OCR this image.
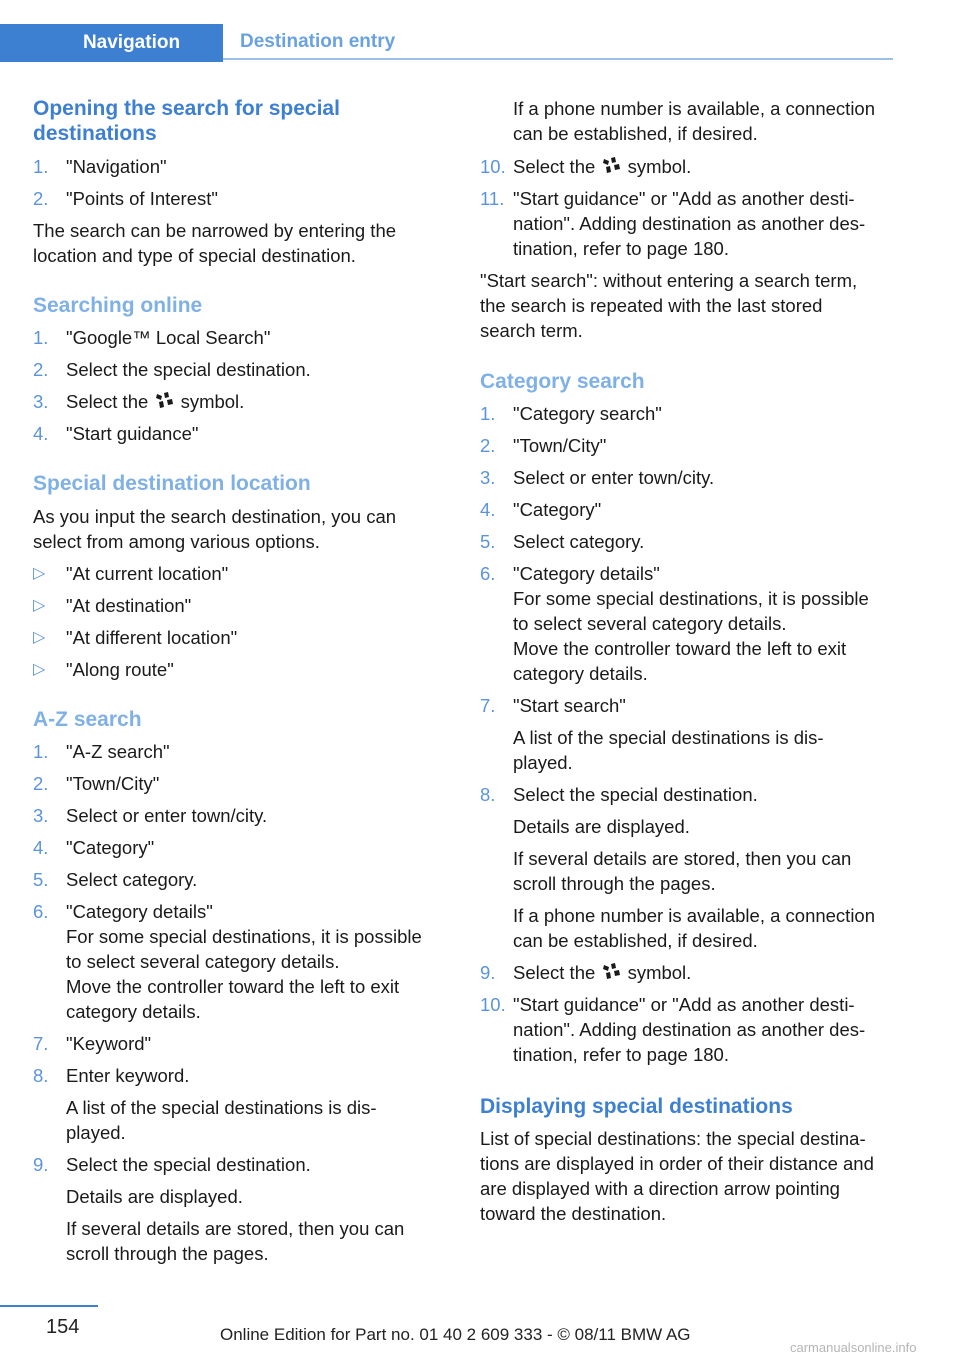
Navigation	Destination entry
Opening the search for special destinations
1. "Navigation"
2. "Points of Interest"
The search can be narrowed by entering the location and type of special destination.
Searching online
1. "Google™ Local Search"
2. Select the special destination.
3. Select the symbol.
4. "Start guidance"
Special destination location
As you input the search destination, you can select from among various options.
▷ "At current location"
▷ "At destination"
▷ "At different location"
▷ "Along route"
A-Z search
1. "A-Z search"
2. "Town/City"
3. Select or enter town/city.
4. "Category"
5. Select category.
6. "Category details"
For some special destinations, it is possible
to select several category details.
Move the controller toward the left to exit
category details.
7. "Keyword"
8. Enter keyword.
A list of the special destinations is dis-
played.
9. Select the special destination.
Details are displayed.
If several details are stored, then you can
scroll through the pages.
If a phone number is available, a connection
can be established, if desired.
10. Select the symbol.
11. "Start guidance" or "Add as another desti-
nation". Adding destination as another des-
tination, refer to page 180.
"Start search": without entering a search term,
the search is repeated with the last stored
search term.
Category search
1. "Category search"
2. "Town/City"
3. Select or enter town/city.
4. "Category"
5. Select category.
6. "Category details"
For some special destinations, it is possible
to select several category details.
Move the controller toward the left to exit
category details.
7. "Start search"
A list of the special destinations is dis-
played.
8. Select the special destination.
Details are displayed.
If several details are stored, then you can
scroll through the pages.
If a phone number is available, a connection
can be established, if desired.
9. Select the symbol.
10. "Start guidance" or "Add as another desti-
nation". Adding destination as another des-
tination, refer to page 180.
Displaying special destinations
List of special destinations: the special destina-
tions are displayed in order of their distance and
are displayed with a direction arrow pointing
toward the destination.
154	Online Edition for Part no. 01 40 2 609 333 - © 08/11 BMW AG
carmanualsonline.info
